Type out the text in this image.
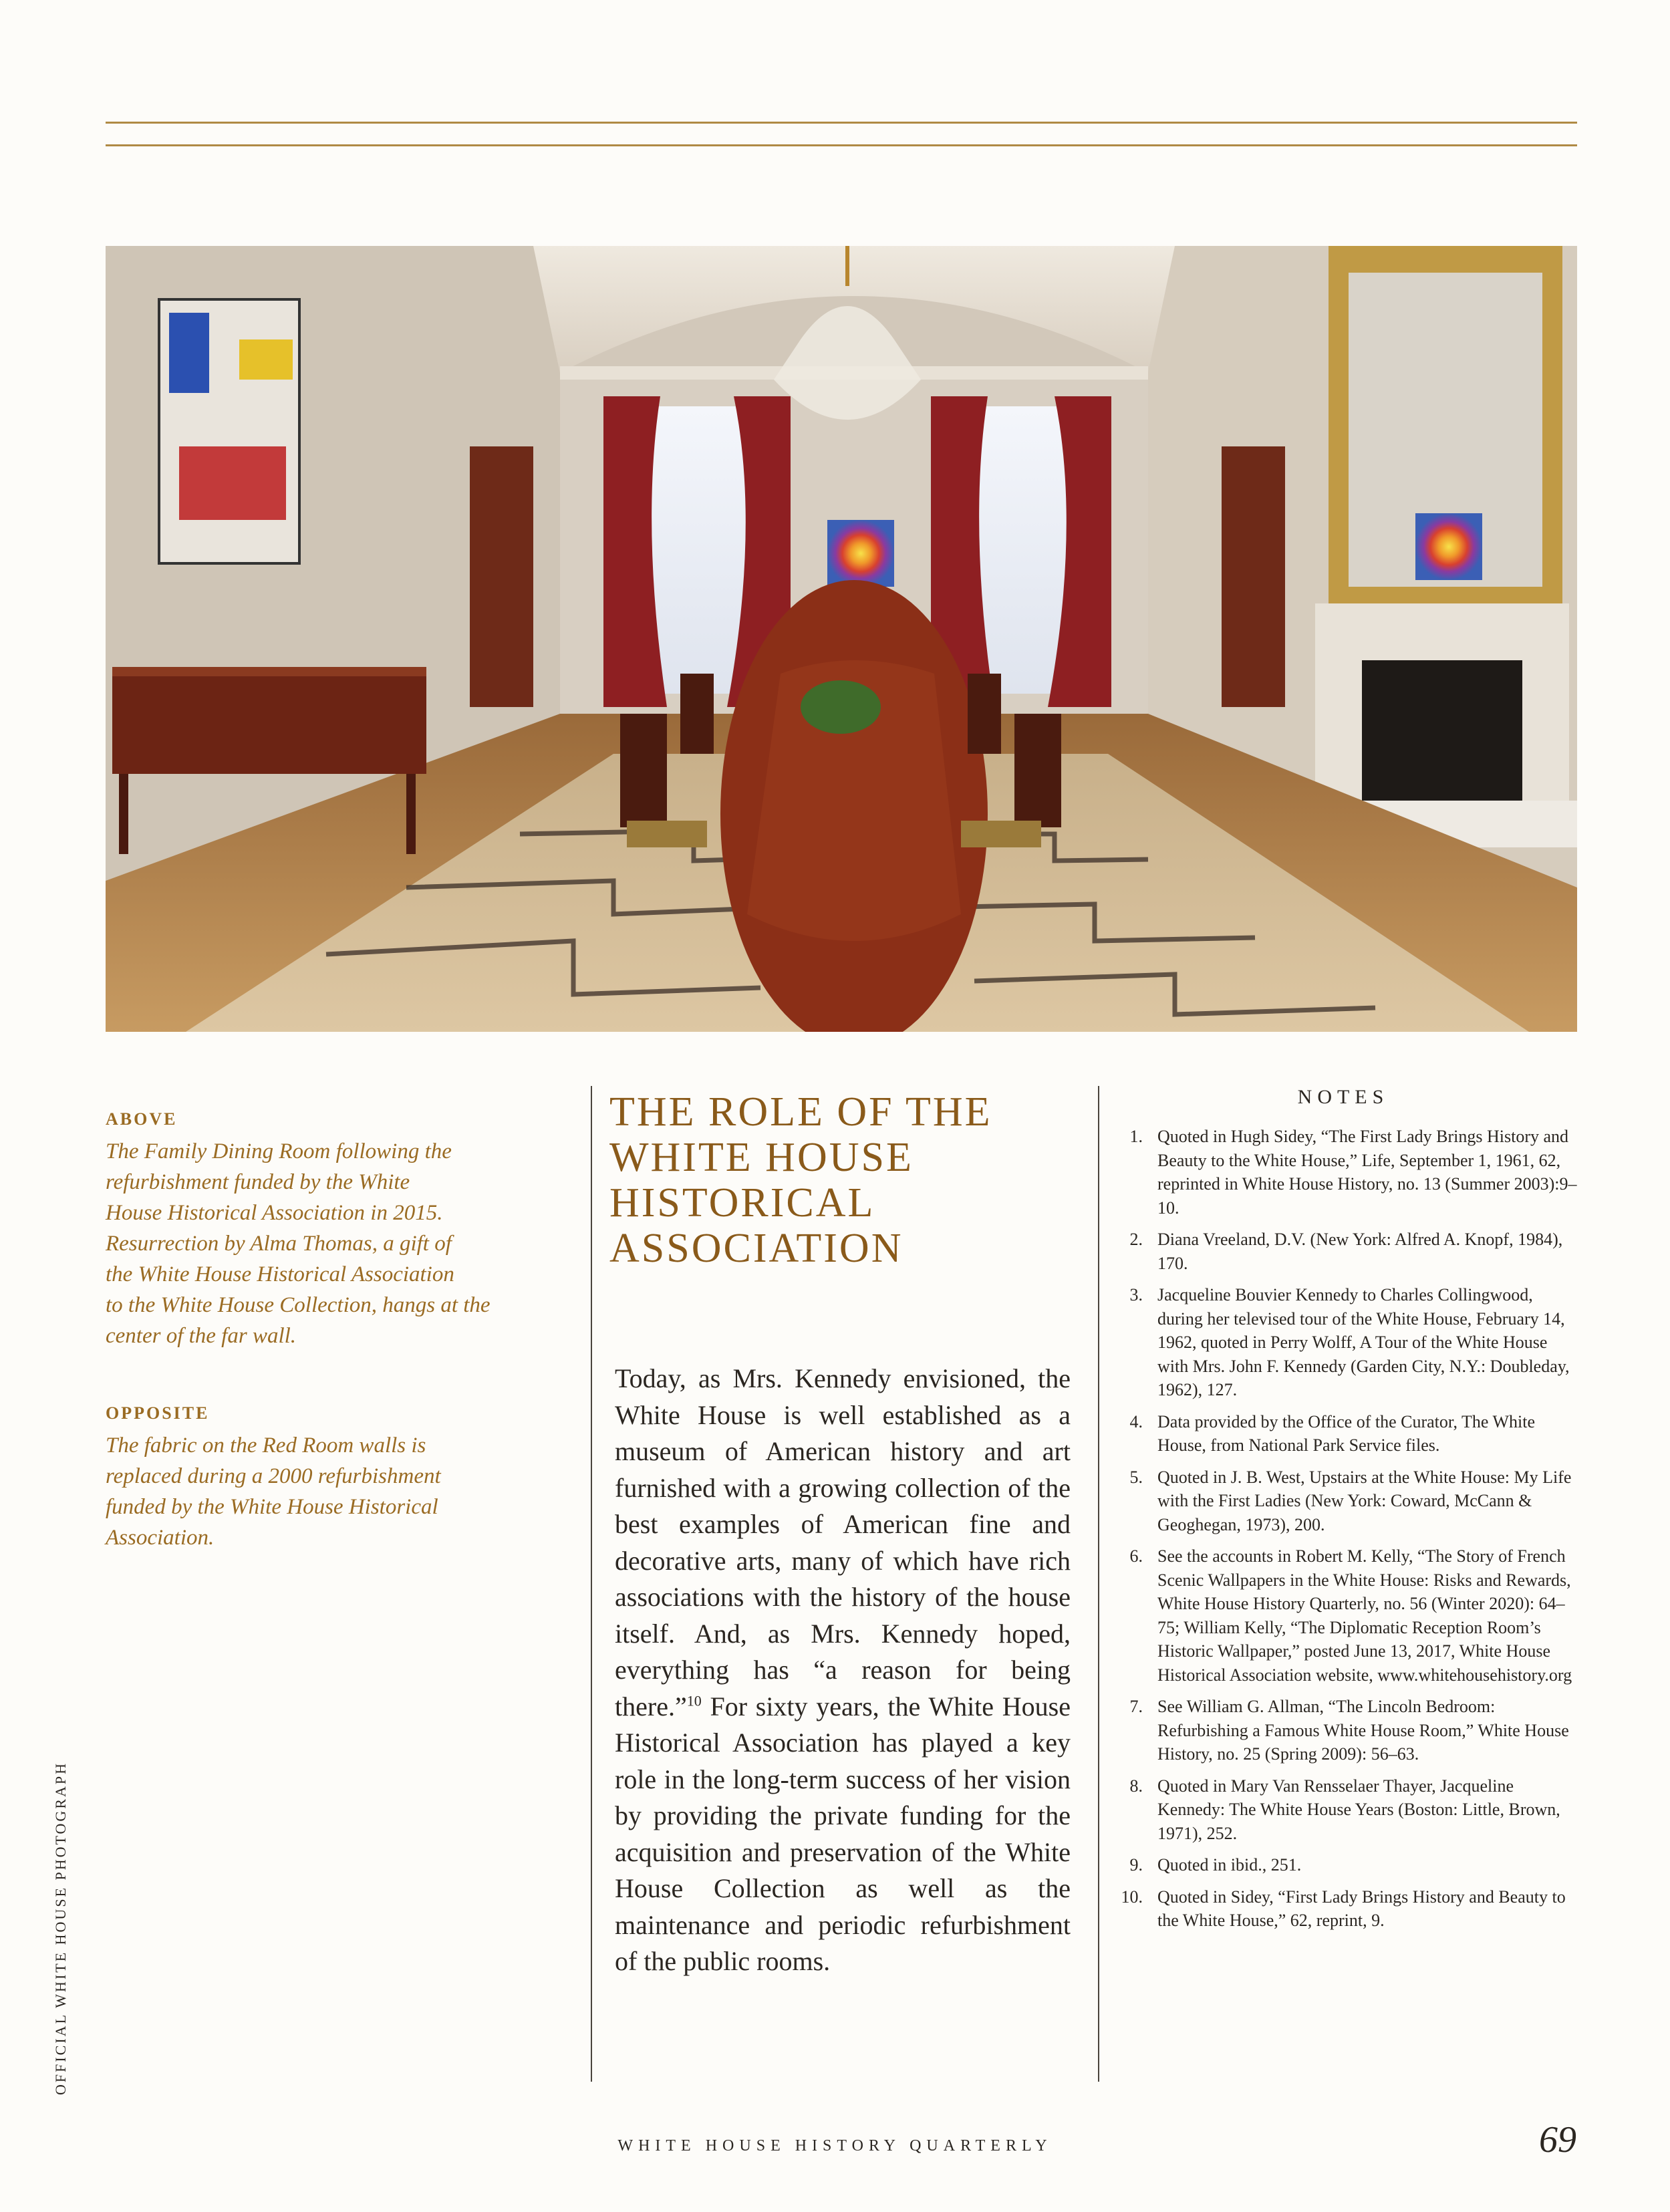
ABOVE
The Family Dining Room following the
refurbishment funded by the White
House Historical Association in 2015.
Resurrection by Alma Thomas, a gift of
the White House Historical Association
to the White House Collection, hangs at the
center of the far wall.
OPPOSITE
The fabric on the Red Room walls is
replaced during a 2000 refurbishment
funded by the White House Historical
Association.
THE ROLE OF THE WHITE HOUSE HISTORICAL ASSOCIATION

Today, as Mrs. Kennedy envisioned, the White House is well established as a museum of American history and art furnished with a growing collection of the best examples of American fine and decorative arts, many of which have rich associations with the history of the house itself. And, as Mrs. Kennedy hoped, everything has “a reason for being there.”$^{10}$ For sixty years, the White House Historical Association has played a key role in the long-term success of her vision by providing the private funding for the acquisition and preservation of the White House Collection as well as the maintenance and periodic refurbishment of the public rooms.

NOTES
1. Quoted in Hugh Sidey, “The First Lady Brings History and Beauty to the White House,” Life, September 1, 1961, 62, reprinted in White House History, no. 13 (Summer 2003):9–10.
2. Diana Vreeland, D.V. (New York: Alfred A. Knopf, 1984), 170.
3. Jacqueline Bouvier Kennedy to Charles Collingwood, during her televised tour of the White House, February 14, 1962, quoted in Perry Wolff, A Tour of the White House with Mrs. John F. Kennedy (Garden City, N.Y.: Doubleday, 1962), 127.
4. Data provided by the Office of the Curator, The White House, from National Park Service files.
5. Quoted in J. B. West, Upstairs at the White House: My Life with the First Ladies (New York: Coward, McCann & Geoghegan, 1973), 200.
6. See the accounts in Robert M. Kelly, “The Story of French Scenic Wallpapers in the White House: Risks and Rewards, White House History Quarterly, no. 56 (Winter 2020): 64–75; William Kelly, “The Diplomatic Reception Room’s Historic Wallpaper,” posted June 13, 2017, White House Historical Association website, www.whitehousehistory.org
7. See William G. Allman, “The Lincoln Bedroom: Refurbishing a Famous White House Room,” White House History, no. 25 (Spring 2009): 56–63.
8. Quoted in Mary Van Rensselaer Thayer, Jacqueline Kennedy: The White House Years (Boston: Little, Brown, 1971), 252.
9. Quoted in ibid., 251.
10. Quoted in Sidey, “First Lady Brings History and Beauty to the White House,” 62, reprint, 9.
OFFICIAL WHITE HOUSE PHOTOGRAPH
WHITE HOUSE HISTORY QUARTERLY	69
